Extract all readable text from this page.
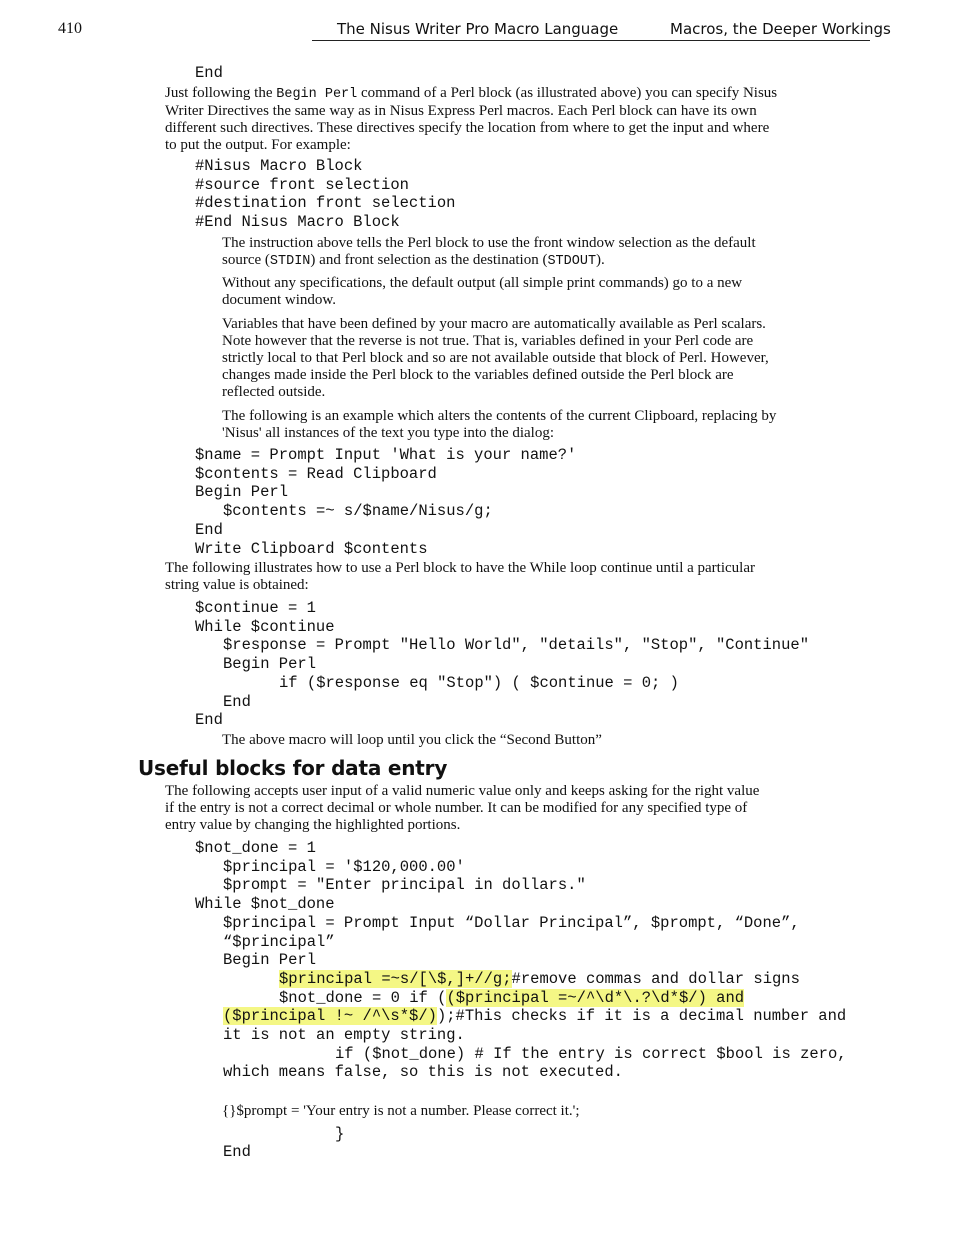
410	The Nisus Writer Pro Macro Language	Macros, the Deeper Workings
End
Just following the Begin Perl command of a Perl block (as illustrated above) you can specify Nisus
Writer Directives the same way as in Nisus Express Perl macros. Each Perl block can have its own
different such directives. These directives specify the location from where to get the input and where
to put the output. For example:
#Nisus Macro Block
#source front selection
#destination front selection
#End Nisus Macro Block
The instruction above tells the Perl block to use the front window selection as the default
source (STDIN) and front selection as the destination (STDOUT).
Without any specifications, the default output (all simple print commands) go to a new
document window.
Variables that have been defined by your macro are automatically available as Perl scalars.
Note however that the reverse is not true. That is, variables defined in your Perl code are
strictly local to that Perl block and so are not available outside that block of Perl. However,
changes made inside the Perl block to the variables defined outside the Perl block are
reflected outside.
The following is an example which alters the contents of the current Clipboard, replacing by
'Nisus' all instances of the text you type into the dialog:
$name = Prompt Input 'What is your name?'
$contents = Read Clipboard
Begin Perl
$contents =~ s/$name/Nisus/g;
End
Write Clipboard $contents
The following illustrates how to use a Perl block to have the While loop continue until a particular
string value is obtained:
$continue = 1
While $continue
$response = Prompt "Hello World", "details", "Stop", "Continue"
Begin Perl
if ($response eq "Stop") ( $continue = 0; )
End
End
The above macro will loop until you click the “Second Button”
Useful blocks for data entry
The following accepts user input of a valid numeric value only and keeps asking for the right value
if the entry is not a correct decimal or whole number. It can be modified for any specified type of
entry value by changing the highlighted portions.
$not_done = 1
$principal = '$120,000.00'
$prompt = "Enter principal in dollars."
While $not_done
$principal = Prompt Input “Dollar Principal”, $prompt, “Done”,
“$principal”
Begin Perl
$principal =~s/[\$,]+//g;#remove commas and dollar signs
$not_done = 0 if (($principal =~/^\d*\.?\d*$/) and
($principal !~ /^\s*$/));#This checks if it is a decimal number and
it is not an empty string.
if ($not_done) # If the entry is correct $bool is zero,
which means false, so this is not executed.
{}$prompt = 'Your entry is not a number. Please correct it.';
}
End
